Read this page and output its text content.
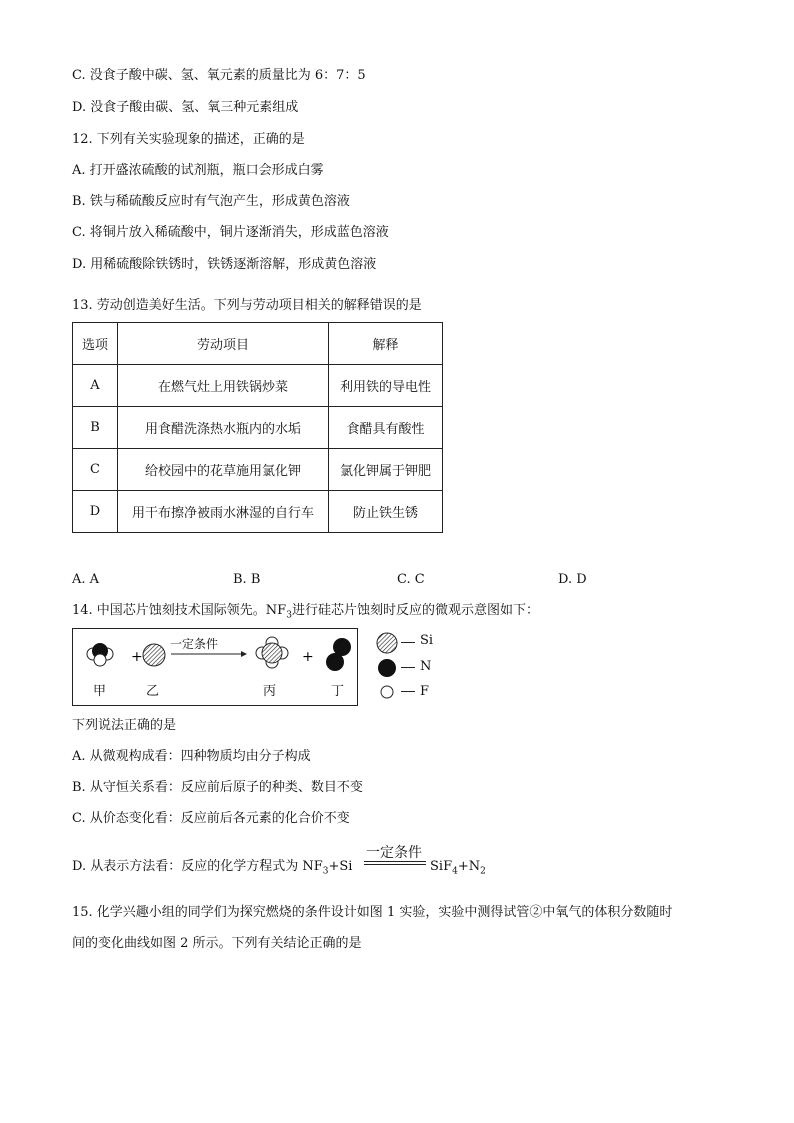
C. 没食子酸中碳、氢、氧元素的质量比为 6：7：5
D. 没食子酸由碳、氢、氧三种元素组成
12. 下列有关实验现象的描述，正确的是
A. 打开盛浓硫酸的试剂瓶，瓶口会形成白雾
B. 铁与稀硫酸反应时有气泡产生，形成黄色溶液
C. 将铜片放入稀硫酸中，铜片逐渐消失，形成蓝色溶液
D. 用稀硫酸除铁锈时，铁锈逐渐溶解，形成黄色溶液
13. 劳动创造美好生活。下列与劳动项目相关的解释错误的是
选项	劳动项目	解释
A	在燃气灶上用铁锅炒菜	利用铁的导电性
B	用食醋洗涤热水瓶内的水垢	食醋具有酸性
C	给校园中的花草施用氯化钾	氯化钾属于钾肥
D	用干布擦净被雨水淋湿的自行车	防止铁生锈
A. A	B. B	C. C	D. D
14. 中国芯片蚀刻技术国际领先。$NF_3$进行硅芯片蚀刻时反应的微观示意图如下：
+	+
甲	乙	丙	丁
一定条件	Si
N
F
下列说法正确的是
A. 从微观构成看：四种物质均由分子构成
B. 从守恒关系看：反应前后原子的种类、数目不变
C. 从价态变化看：反应前后各元素的化合价不变
一定条件
D. 从表示方法看：反应的化学方程式为 $NF_3+Si$	$SiF_4+N_2$
15. 化学兴趣小组的同学们为探究燃烧的条件设计如图 1 实验，实验中测得试管②中氧气的体积分数随时
间的变化曲线如图 2 所示。下列有关结论正确的是
